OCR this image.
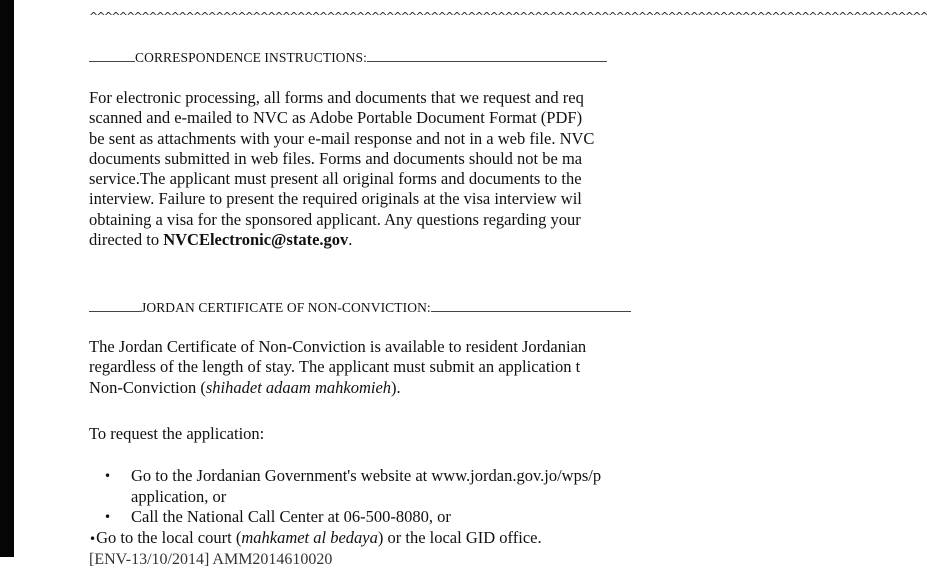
^^^^^^^^^^^^^^^^^^^^^^^^^^^^^^^^^^^^^^^^^^^^^^^^^^^^^^^^^^^^^^^^^^^^^^^^^^^^^^^^^^^^^^^^^^^^^^^^^^^^^^^^^^^^^^^^^
CORRESPONDENCE INSTRUCTIONS:
For electronic processing, all forms and documents that we request and req
scanned and e-mailed to NVC as Adobe Portable Document Format (PDF)
be sent as attachments with your e-mail response and not in a web file. NVC
documents submitted in web files. Forms and documents should not be ma
service.The applicant must present all original forms and documents to the
interview. Failure to present the required originals at the visa interview wil
obtaining a visa for the sponsored applicant. Any questions regarding your
directed to NVCElectronic@state.gov.
JORDAN CERTIFICATE OF NON-CONVICTION:
The Jordan Certificate of Non-Conviction is available to resident Jordanian
regardless of the length of stay. The applicant must submit an application t
Non-Conviction (shihadet adaam mahkomieh).
To request the application:
• Go to the Jordanian Government's website at www.jordan.gov.jo/wps/p
application, or
• Call the National Call Center at 06-500-8080, or
•Go to the local court (mahkamet al bedaya) or the local GID office.
[ENV-13/10/2014] AMM2014610020
